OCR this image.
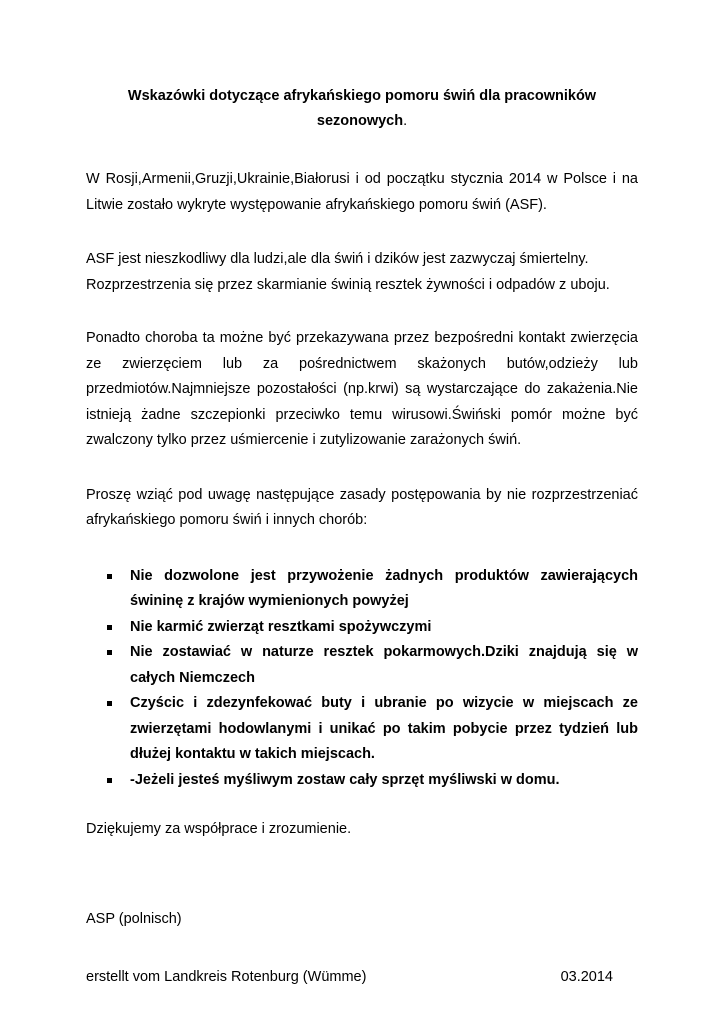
Wskazówki dotyczące afrykańskiego pomoru świń dla pracowników sezonowych.

W Rosji,Armenii,Gruzji,Ukrainie,Białorusi i od początku stycznia 2014 w Polsce i na Litwie zostało wykryte występowanie afrykańskiego pomoru świń (ASF).

ASF jest nieszkodliwy dla ludzi,ale dla świń i dzików jest zazwyczaj śmiertelny.
Rozprzestrzenia się przez skarmianie świnią resztek żywności i odpadów z uboju.

Ponadto choroba ta możne być przekazywana przez bezpośredni kontakt zwierzęcia ze zwierzęciem lub za pośrednictwem skażonych butów,odzieży lub przedmiotów.Najmniejsze pozostałości (np.krwi) są wystarczające do zakażenia.Nie istnieją żadne szczepionki przeciwko temu wirusowi.Świński pomór możne być zwalczony tylko przez uśmiercenie i zutylizowanie zarażonych świń.

Proszę wziąć pod uwagę następujące zasady postępowania by nie rozprzestrzeniać afrykańskiego pomoru świń i innych chorób:

Nie dozwolone jest przywożenie żadnych produktów zawierających świninę z krajów wymienionych powyżej
Nie karmić zwierząt resztkami spożywczymi
Nie zostawiać w naturze resztek pokarmowych.Dziki znajdują się w całych Niemczech
Czyścic i zdezynfekować buty i ubranie po wizycie w miejscach ze zwierzętami hodowlanymi i unikać po takim pobycie przez tydzień lub dłużej kontaktu w takich miejscach.
-Jeżeli jesteś myśliwym zostaw cały sprzęt myśliwski w domu.

Dziękujemy za współprace i zrozumienie.

ASP (polnisch)

erstellt vom Landkreis Rotenburg (Wümme)	03.2014
